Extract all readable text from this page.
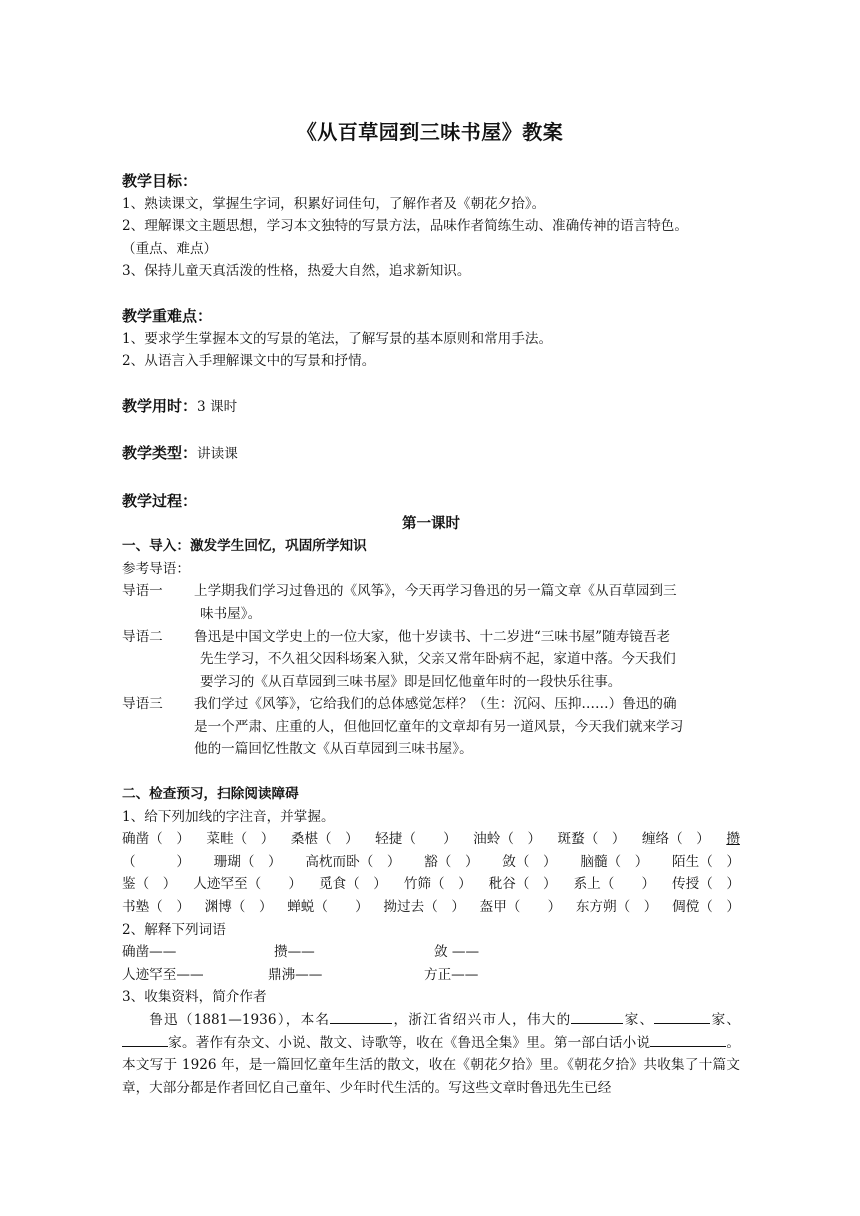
《从百草园到三味书屋》教案
教学目标：
1、熟读课文，掌握生字词，积累好词佳句，了解作者及《朝花夕拾》。
2、理解课文主题思想，学习本文独特的写景方法，品味作者简练生动、准确传神的语言特色。
（重点、难点）
3、保持儿童天真活泼的性格，热爱大自然，追求新知识。
教学重难点：
1、要求学生掌握本文的写景的笔法，了解写景的基本原则和常用手法。
2、从语言入手理解课文中的写景和抒情。
教学用时：3 课时
教学类型：讲读课
教学过程：
第一课时
一、导入：激发学生回忆，巩固所学知识
参考导语：
导语一	上学期我们学习过鲁迅的《风筝》，今天再学习鲁迅的另一篇文章《从百草园到三
味书屋》。
导语二	鲁迅是中国文学史上的一位大家，他十岁读书、十二岁进“三味书屋”随寿镜吾老
先生学习，不久祖父因科场案入狱，父亲又常年卧病不起，家道中落。今天我们
要学习的《从百草园到三味书屋》即是回忆他童年时的一段快乐往事。
导语三	我们学过《风筝》，它给我们的总体感觉怎样？（生：沉闷、压抑……）鲁迅的确
是一个严肃、庄重的人，但他回忆童年的文章却有另一道风景，今天我们就来学习
他的一篇回忆性散文《从百草园到三味书屋》。
二、检查预习，扫除阅读障碍
1、给下列加线的字注音，并掌握。
确凿（　） 菜畦（　） 桑椹（　） 轻捷（　　） 油蛉（　） 斑蝥（　） 缠络（　） 攒
（　　　） 珊瑚（　） 高枕而卧（　） 豁（　） 敛（　） 脑髓（　） 陌生（　）
鉴（　） 人迹罕至（　　） 觅食（　） 竹筛（　） 秕谷（　） 系上（　　） 传授（　）
书塾（　） 渊博（　） 蝉蜕（　　） 拗过去（　） 盔甲（　　） 东方朔（　） 倜傥（　）
2、解释下列词语
确凿——	攒——	敛 ——
人迹罕至——	鼎沸——	方正——
3、收集资料，简介作者
鲁迅（1881—1936），本名	，浙江省绍兴市人，伟大的	家、	家、家。著作有杂文、小说、散文、诗歌等，收在《鲁迅全集》里。第一部白话小说	。本文写于 1926 年，是一篇回忆童年生活的散文，收在《朝花夕拾》里。《朝花夕拾》共收集了十篇文章，大部分都是作者回忆自己童年、少年时代生活的。写这些文章时鲁迅先生已经
